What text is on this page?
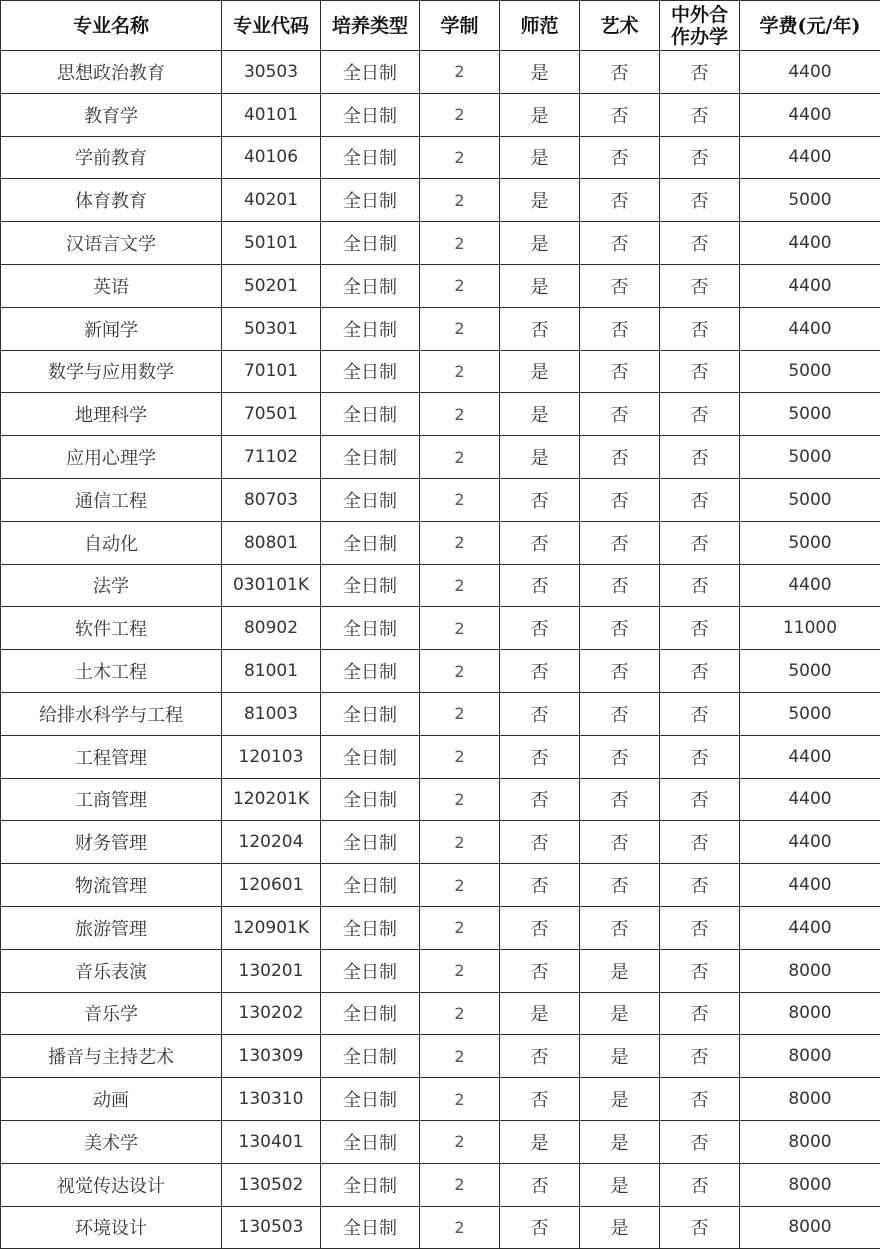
专业名称	专业代码	培养类型	学制	师范	艺术	中外合作办学	学费(元/年)
思想政治教育	30503	全日制	2	是	否	否	4400
教育学	40101	全日制	2	是	否	否	4400
学前教育	40106	全日制	2	是	否	否	4400
体育教育	40201	全日制	2	是	否	否	5000
汉语言文学	50101	全日制	2	是	否	否	4400
英语	50201	全日制	2	是	否	否	4400
新闻学	50301	全日制	2	否	否	否	4400
数学与应用数学	70101	全日制	2	是	否	否	5000
地理科学	70501	全日制	2	是	否	否	5000
应用心理学	71102	全日制	2	是	否	否	5000
通信工程	80703	全日制	2	否	否	否	5000
自动化	80801	全日制	2	否	否	否	5000
法学	030101K	全日制	2	否	否	否	4400
软件工程	80902	全日制	2	否	否	否	11000
土木工程	81001	全日制	2	否	否	否	5000
给排水科学与工程	81003	全日制	2	否	否	否	5000
工程管理	120103	全日制	2	否	否	否	4400
工商管理	120201K	全日制	2	否	否	否	4400
财务管理	120204	全日制	2	否	否	否	4400
物流管理	120601	全日制	2	否	否	否	4400
旅游管理	120901K	全日制	2	否	否	否	4400
音乐表演	130201	全日制	2	否	是	否	8000
音乐学	130202	全日制	2	是	是	否	8000
播音与主持艺术	130309	全日制	2	否	是	否	8000
动画	130310	全日制	2	否	是	否	8000
美术学	130401	全日制	2	是	是	否	8000
视觉传达设计	130502	全日制	2	否	是	否	8000
环境设计	130503	全日制	2	否	是	否	8000
